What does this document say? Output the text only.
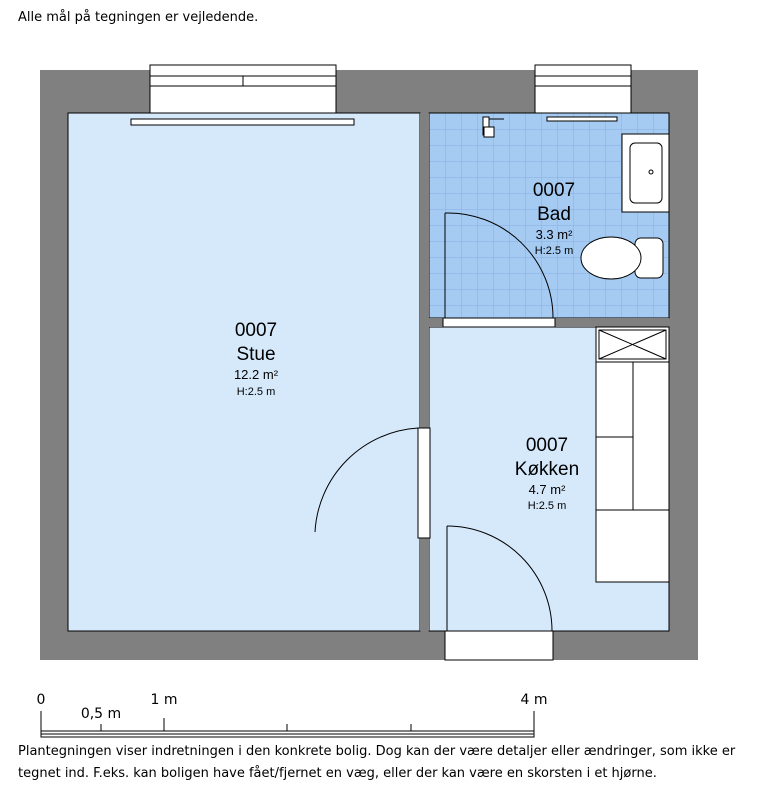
Alle mål på tegningen er vejledende.
0007
Stue
12.2 m²
H:2.5 m
0007
Bad
3.3 m²
H:2.5 m
0007
Køkken
4.7 m²
H:2.5 m
0
0,5 m
1 m	4 m
Plantegningen viser indretningen i den konkrete bolig. Dog kan der være detaljer eller ændringer, som ikke er tegnet ind. F.eks. kan boligen have fået/fjernet en væg, eller der kan være en skorsten i et hjørne.
